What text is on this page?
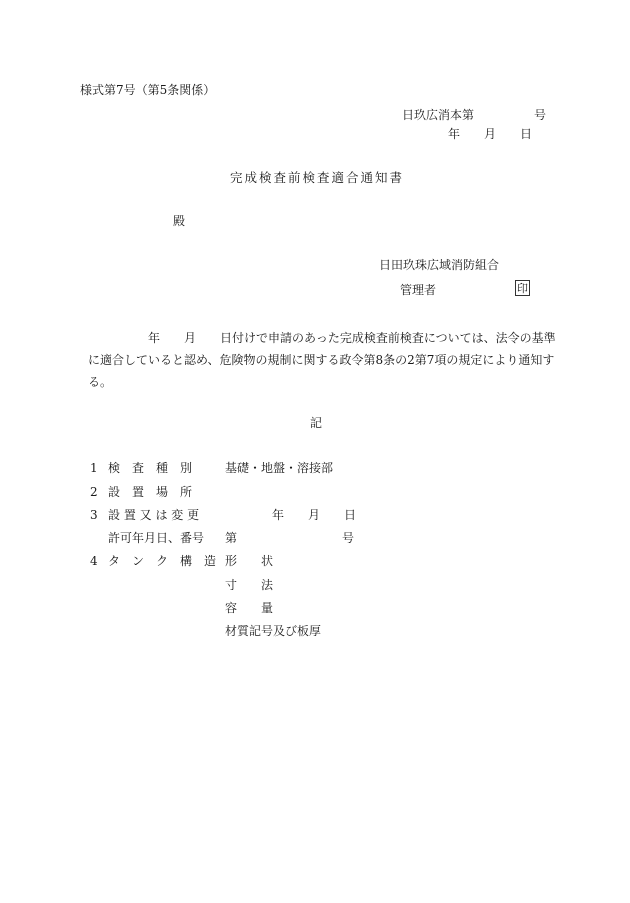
様式第7号（第5条関係）
日玖広消本第　　　　　号
年　　月　　日
完成検査前検査適合通知書
殿
日田玖珠広域消防組合
管理者	印
年　　月　　日付けで申請のあった完成検査前検査については、法令の基準
に適合していると認め、危険物の規制に関する政令第8条の2第7項の規定により通知す
る。
記
1 検　査　種　別	基礎・地盤・溶接部
2 設　置　場　所
3 設 置 又 は 変 更	年　　月　　日
許可年月日、番号	第	号
4 タ　ン　ク　構　造 形　　状
寸　　法
容　　量
材質記号及び板厚
